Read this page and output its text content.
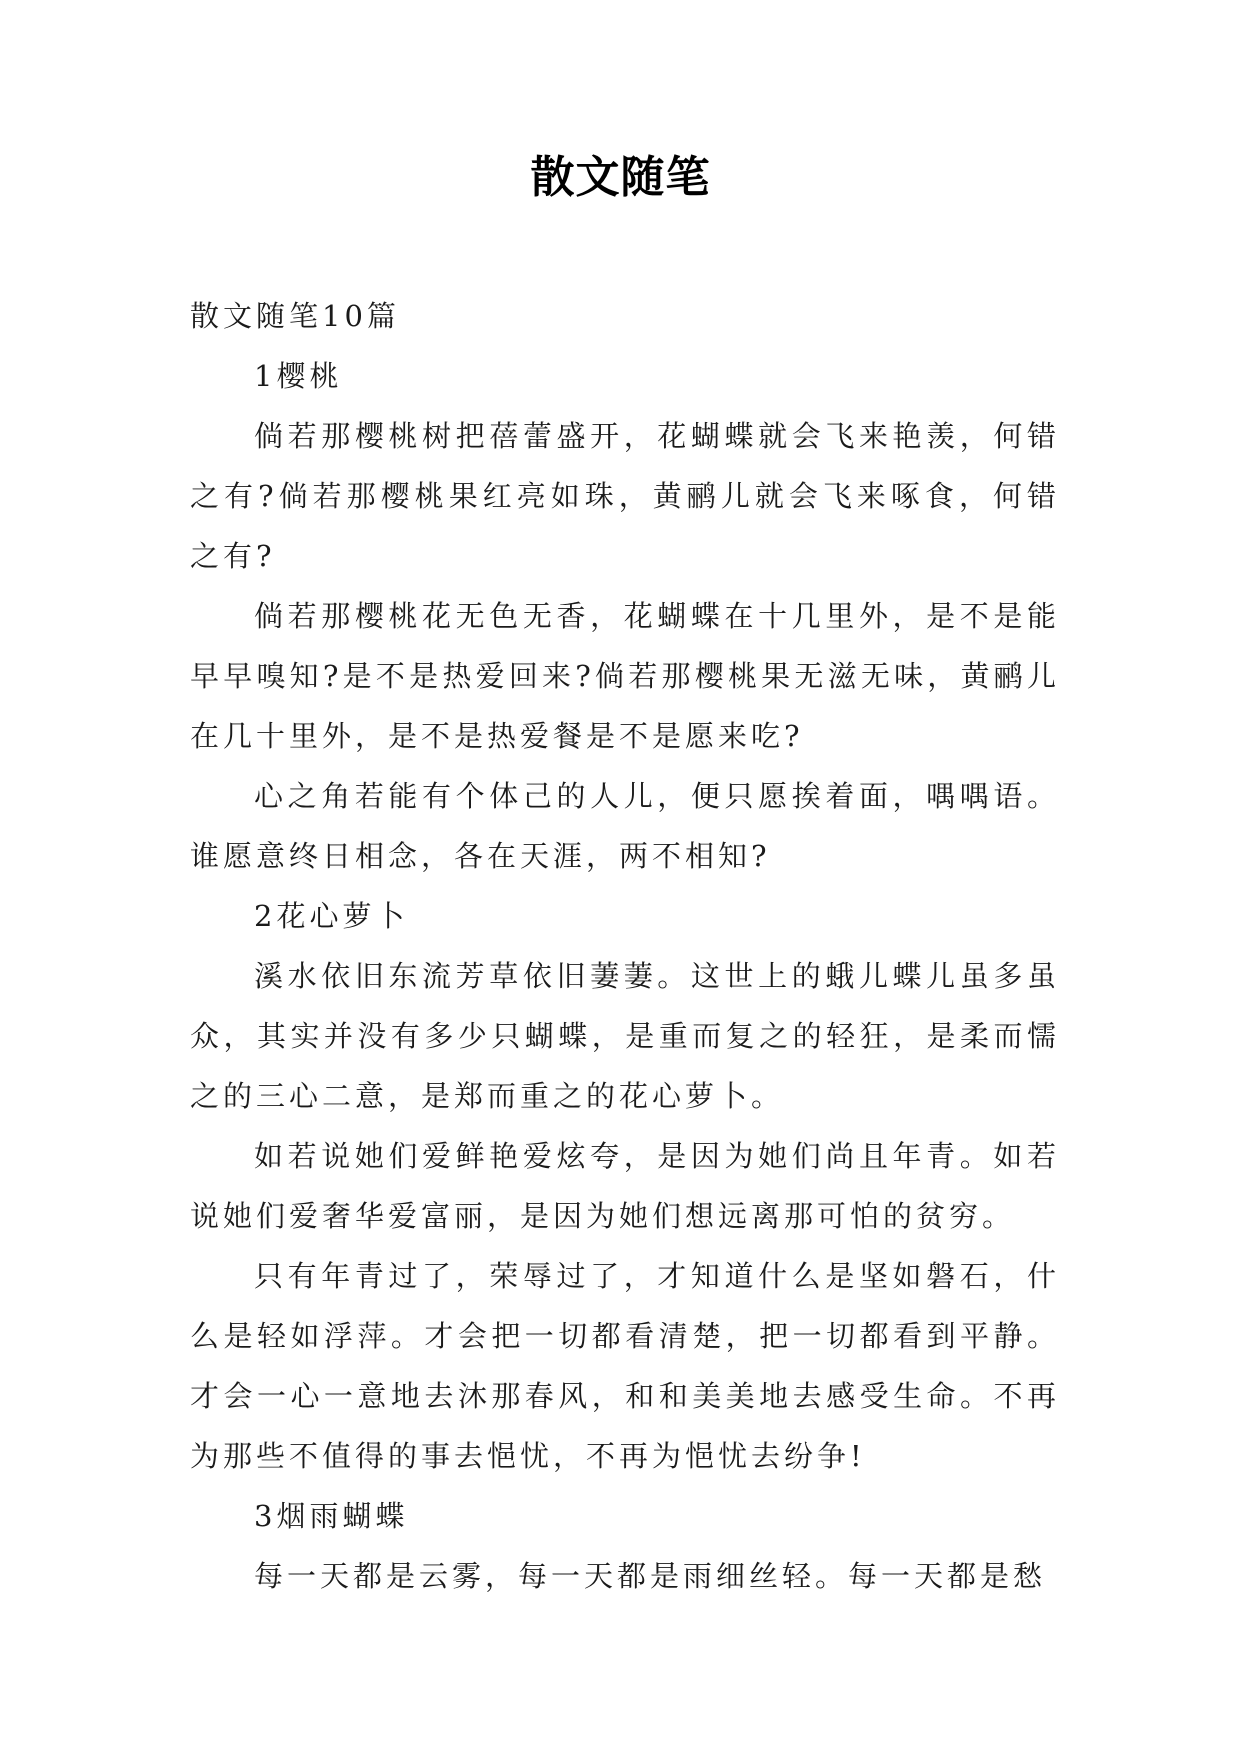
散文随笔

散文随笔10篇

1樱桃

倘若那樱桃树把蓓蕾盛开，花蝴蝶就会飞来艳羡，何错之有?倘若那樱桃果红亮如珠，黄鹂儿就会飞来啄食，何错之有?

倘若那樱桃花无色无香，花蝴蝶在十几里外，是不是能早早嗅知?是不是热爱回来?倘若那樱桃果无滋无味，黄鹂儿在几十里外，是不是热爱餐是不是愿来吃?

心之角若能有个体己的人儿，便只愿挨着面，喁喁语。谁愿意终日相念，各在天涯，两不相知?

2花心萝卜

溪水依旧东流芳草依旧萋萋。这世上的蛾儿蝶儿虽多虽众，其实并没有多少只蝴蝶，是重而复之的轻狂，是柔而懦之的三心二意，是郑而重之的花心萝卜。

如若说她们爱鲜艳爱炫夸，是因为她们尚且年青。如若说她们爱奢华爱富丽，是因为她们想远离那可怕的贫穷。

只有年青过了，荣辱过了，才知道什么是坚如磐石，什么是轻如浮萍。才会把一切都看清楚，把一切都看到平静。才会一心一意地去沐那春风，和和美美地去感受生命。不再为那些不值得的事去悒忧，不再为悒忧去纷争!

3烟雨蝴蝶

每一天都是云雾，每一天都是雨细丝轻。每一天都是愁
